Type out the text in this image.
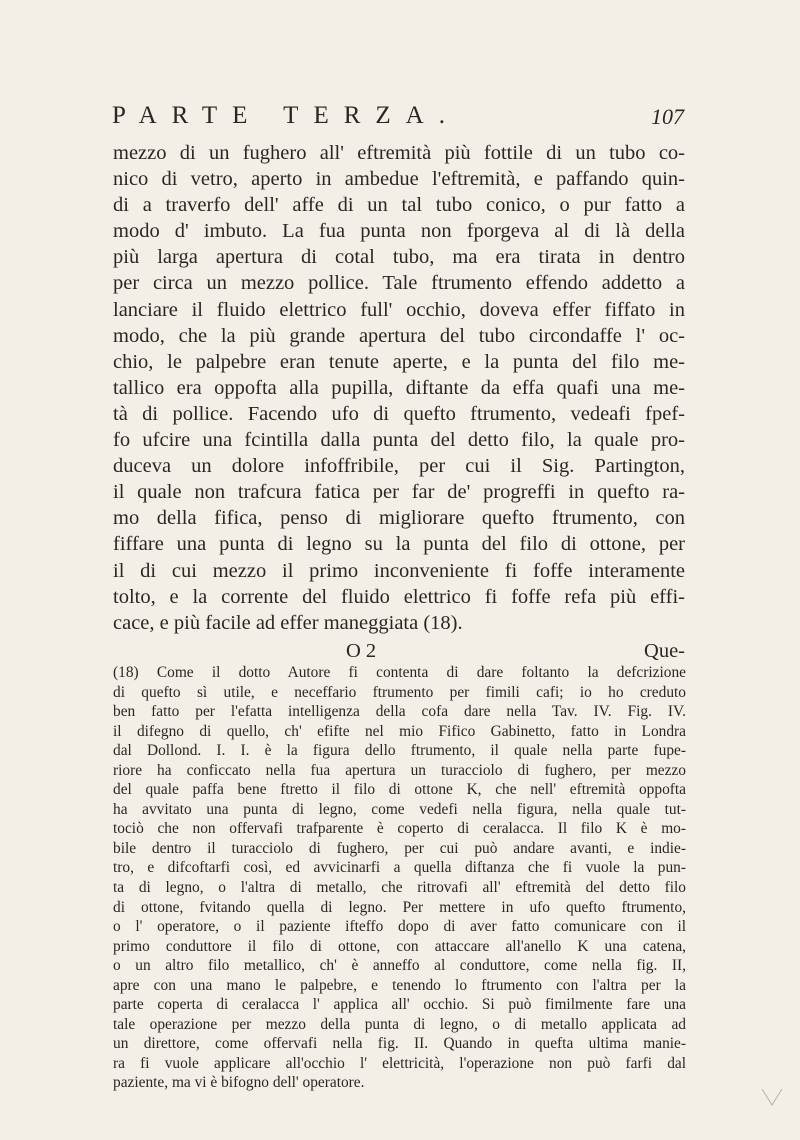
PARTE TERZA.	107
mezzo di un fughero all' eftremità più fottile di un tubo co-
nico di vetro, aperto in ambedue l'eftremità, e paffando quin-
di a traverfo dell' affe di un tal tubo conico, o pur fatto a
modo d' imbuto. La fua punta non fporgeva al di là della
più larga apertura di cotal tubo, ma era tirata in dentro
per circa un mezzo pollice. Tale ftrumento effendo addetto a
lanciare il fluido elettrico full' occhio, doveva effer fiffato in
modo, che la più grande apertura del tubo circondaffe l' oc-
chio, le palpebre eran tenute aperte, e la punta del filo me-
tallico era oppofta alla pupilla, diftante da effa quafi una me-
tà di pollice. Facendo ufo di quefto ftrumento, vedeafi fpef-
fo ufcire una fcintilla dalla punta del detto filo, la quale pro-
duceva un dolore infoffribile, per cui il Sig. Partington,
il quale non trafcura fatica per far de' progreffi in quefto ra-
mo della fifica, penso di migliorare quefto ftrumento, con
fiffare una punta di legno su la punta del filo di ottone, per
il di cui mezzo il primo inconveniente fi foffe interamente
tolto, e la corrente del fluido elettrico fi foffe refa più effi-
cace, e più facile ad effer maneggiata (18).
O 2	Que-
(18) Come il dotto Autore fi contenta di dare foltanto la defcrizione
di quefto sì utile, e neceffario ftrumento per fimili cafi; io ho creduto
ben fatto per l'efatta intelligenza della cofa dare nella Tav. IV. Fig. IV.
il difegno di quello, ch' efifte nel mio Fifico Gabinetto, fatto in Londra
dal Dollond. I. I. è la figura dello ftrumento, il quale nella parte fupe-
riore ha conficcato nella fua apertura un turacciolo di fughero, per mezzo
del quale paffa bene ftretto il filo di ottone K, che nell' eftremità oppofta
ha avvitato una punta di legno, come vedefi nella figura, nella quale tut-
tociò che non offervafi trafparente è coperto di ceralacca. Il filo K è mo-
bile dentro il turacciolo di fughero, per cui può andare avanti, e indie-
tro, e difcoftarfi così, ed avvicinarfi a quella diftanza che fi vuole la pun-
ta di legno, o l'altra di metallo, che ritrovafi all' eftremità del detto filo
di ottone, fvitando quella di legno. Per mettere in ufo quefto ftrumento,
o l' operatore, o il paziente ifteffo dopo di aver fatto comunicare con il
primo conduttore il filo di ottone, con attaccare all'anello K una catena,
o un altro filo metallico, ch' è anneffo al conduttore, come nella fig. II,
apre con una mano le palpebre, e tenendo lo ftrumento con l'altra per la
parte coperta di ceralacca l' applica all' occhio. Si può fimilmente fare una
tale operazione per mezzo della punta di legno, o di metallo applicata ad
un direttore, come offervafi nella fig. II. Quando in quefta ultima manie-
ra fi vuole applicare all'occhio l' elettricità, l'operazione non può farfi dal
paziente, ma vi è bifogno dell' operatore.
